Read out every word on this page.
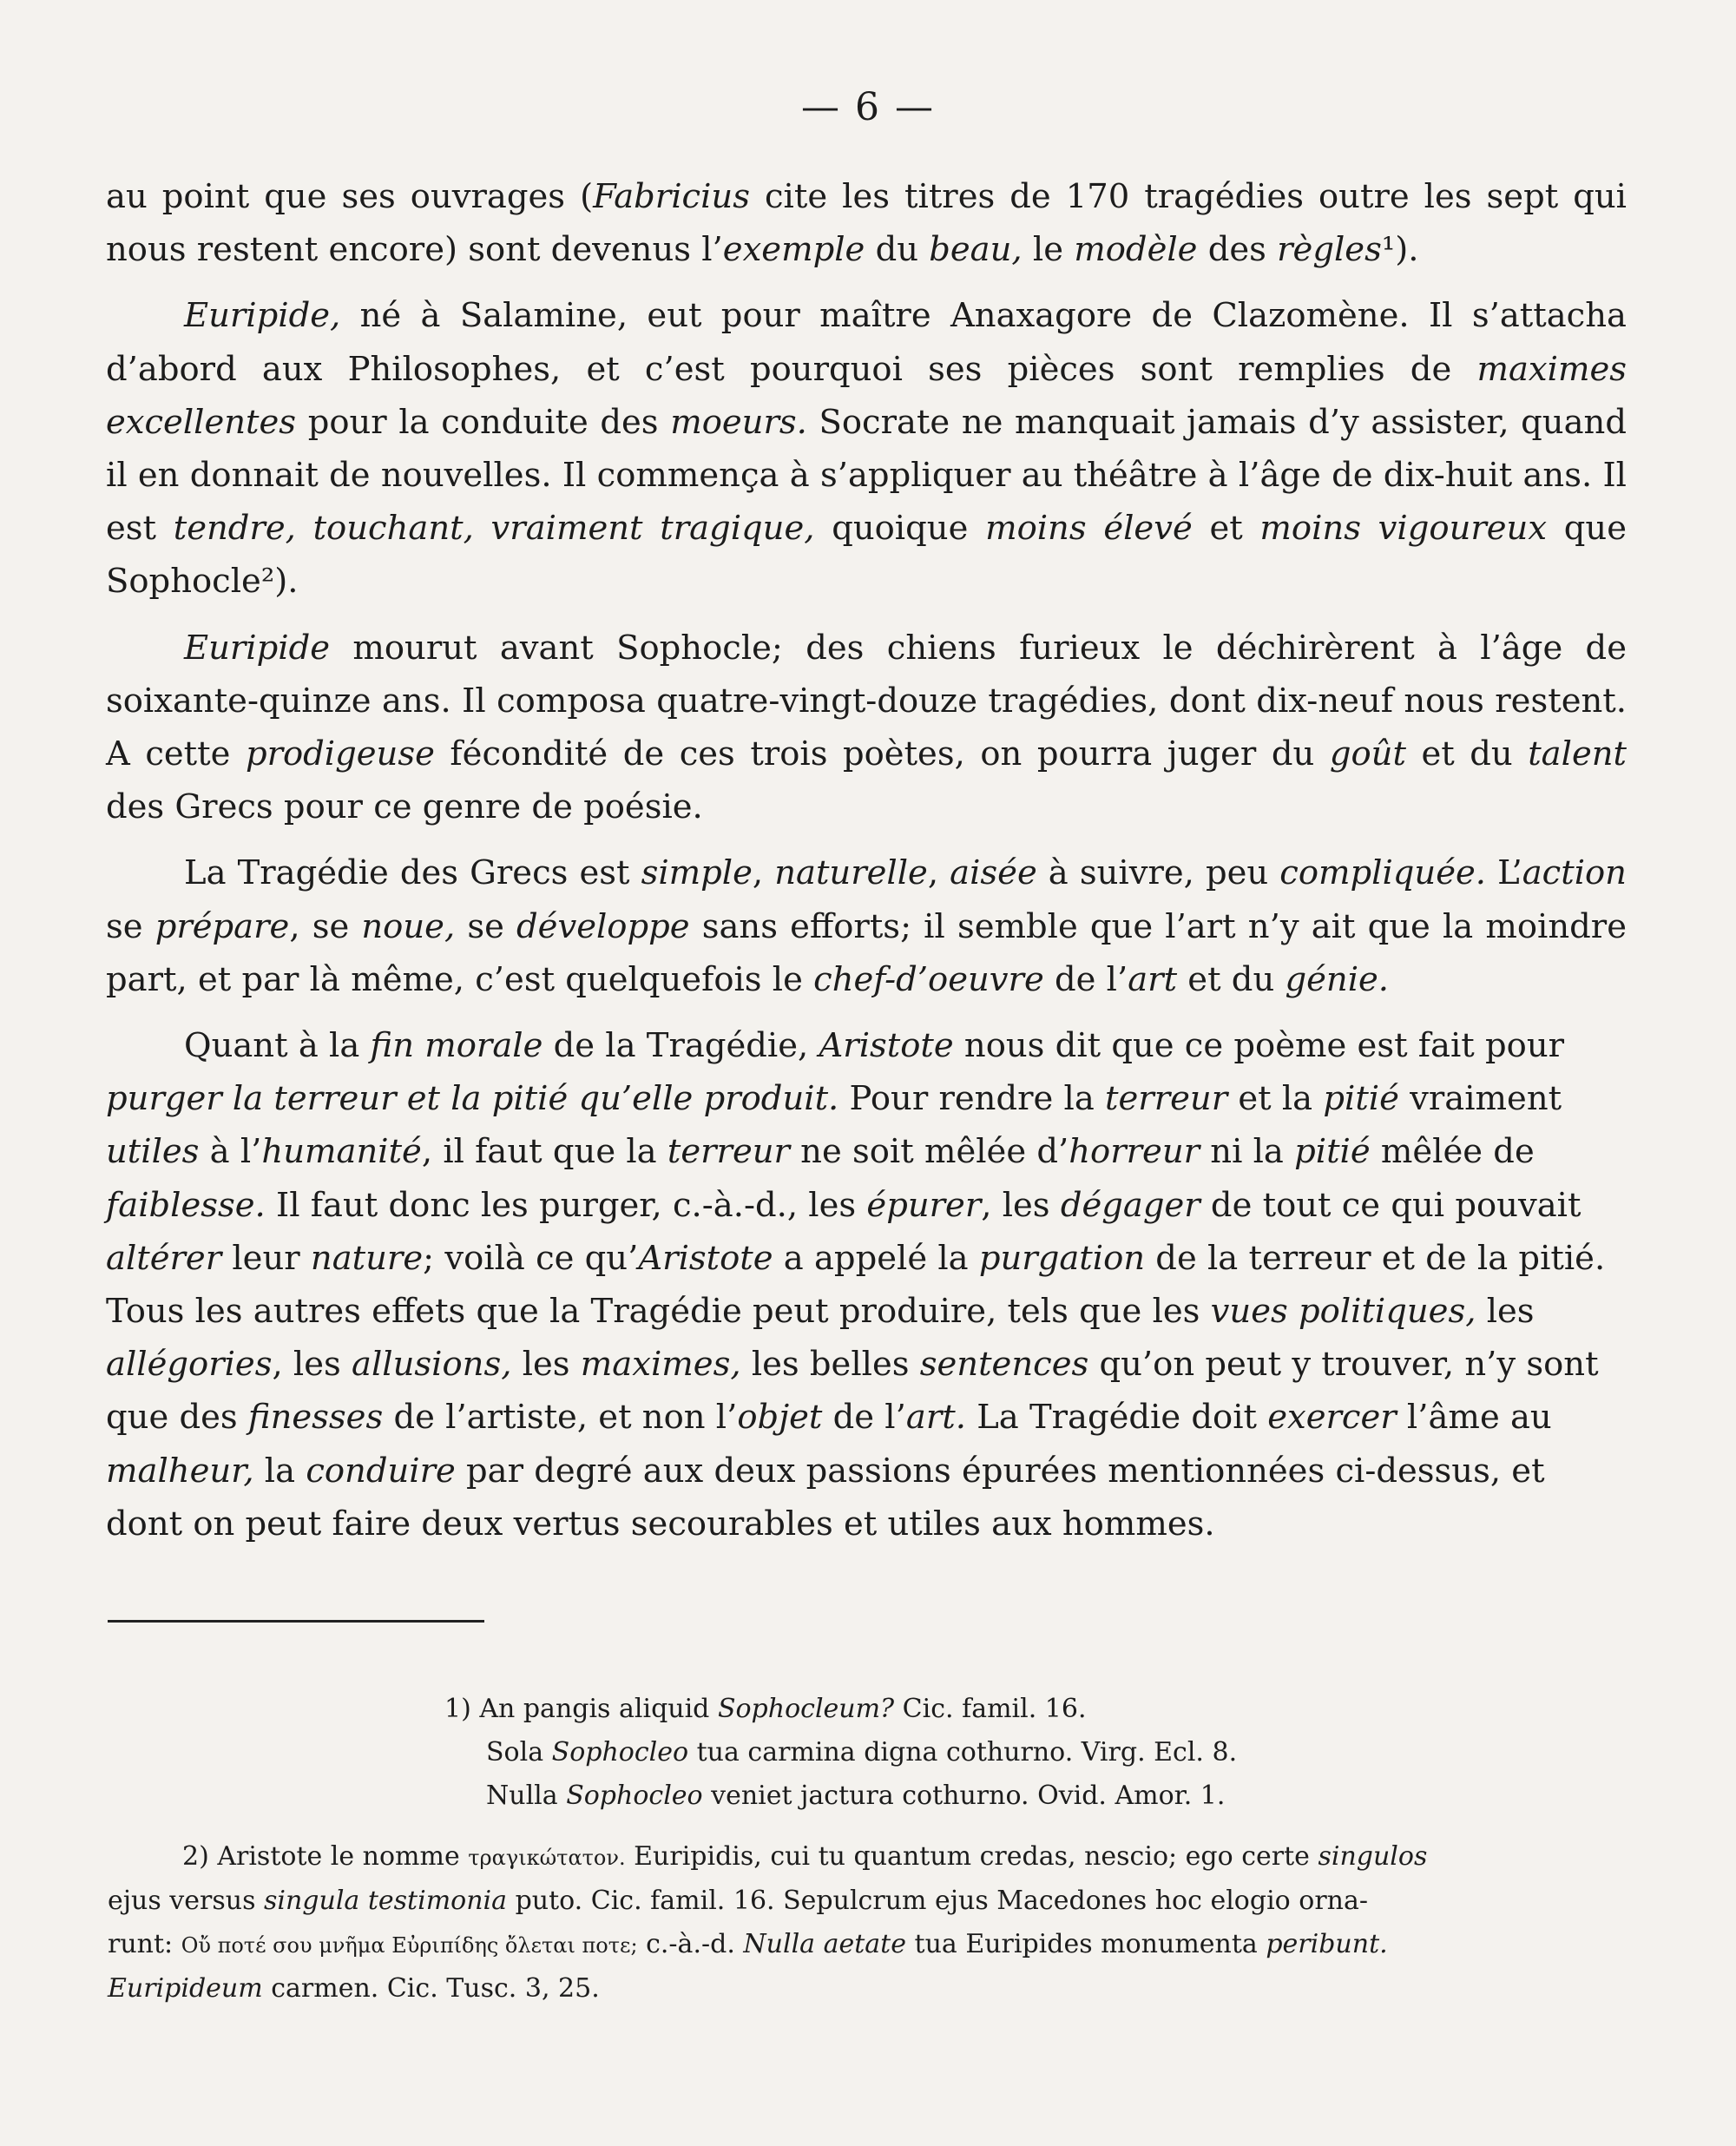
— 6 —

au point que ses ouvrages (Fabricius cite les titres de 170 tragédies outre les sept qui nous restent encore) sont devenus l’exemple du beau, le modèle des règles¹).

Euripide, né à Salamine, eut pour maître Anaxagore de Clazomène. Il s’attacha d’abord aux Philosophes, et c’est pourquoi ses pièces sont remplies de maximes excellentes pour la conduite des moeurs. Socrate ne manquait jamais d’y assister, quand il en donnait de nouvelles. Il commença à s’appliquer au théâtre à l’âge de dix-huit ans. Il est tendre, touchant, vraiment tragique, quoique moins élevé et moins vigoureux que Sophocle²).

Euripide mourut avant Sophocle; des chiens furieux le déchirèrent à l’âge de soixante-quinze ans. Il composa quatre-vingt-douze tragédies, dont dix-neuf nous restent. A cette prodigeuse fécondité de ces trois poètes, on pourra juger du goût et du talent des Grecs pour ce genre de poésie.

La Tragédie des Grecs est simple, naturelle, aisée à suivre, peu compliquée. L’action se prépare, se noue, se développe sans efforts; il semble que l’art n’y ait que la moindre part, et par là même, c’est quelquefois le chef-d’oeuvre de l’art et du génie.

Quant à la fin morale de la Tragédie, Aristote nous dit que ce poème est fait pour purger la terreur et la pitié qu’elle produit. Pour rendre la terreur et la pitié vraiment utiles à l’humanité, il faut que la terreur ne soit mêlée d’horreur ni la pitié mêlée de faiblesse. Il faut donc les purger, c.-à.-d., les épurer, les dégager de tout ce qui pouvait altérer leur nature; voilà ce qu’Aristote a appelé la purgation de la terreur et de la pitié. Tous les autres effets que la Tragédie peut produire, tels que les vues politiques, les allégories, les allusions, les maximes, les belles sentences qu’on peut y trouver, n’y sont que des finesses de l’artiste, et non l’objet de l’art. La Tragédie doit exercer l’âme au malheur, la conduire par degré aux deux passions épurées mentionnées ci-dessus, et dont on peut faire deux vertus secourables et utiles aux hommes.

1) An pangis aliquid Sophocleum? Cic. famil. 16.
Sola Sophocleo tua carmina digna cothurno. Virg. Ecl. 8.
Nulla Sophocleo veniet jactura cothurno. Ovid. Amor. 1.
2) Aristote le nomme τραγικώτατον. Euripidis, cui tu quantum credas, nescio; ego certe singulos
ejus versus singula testimonia puto. Cic. famil. 16. Sepulcrum ejus Macedones hoc elogio orna-
runt: Οὔ ποτέ σου μνῆμα Εὐριπίδης ὄλεται ποτε; c.-à.-d. Nulla aetate tua Euripides monumenta peribunt.
Euripideum carmen. Cic. Tusc. 3, 25.
